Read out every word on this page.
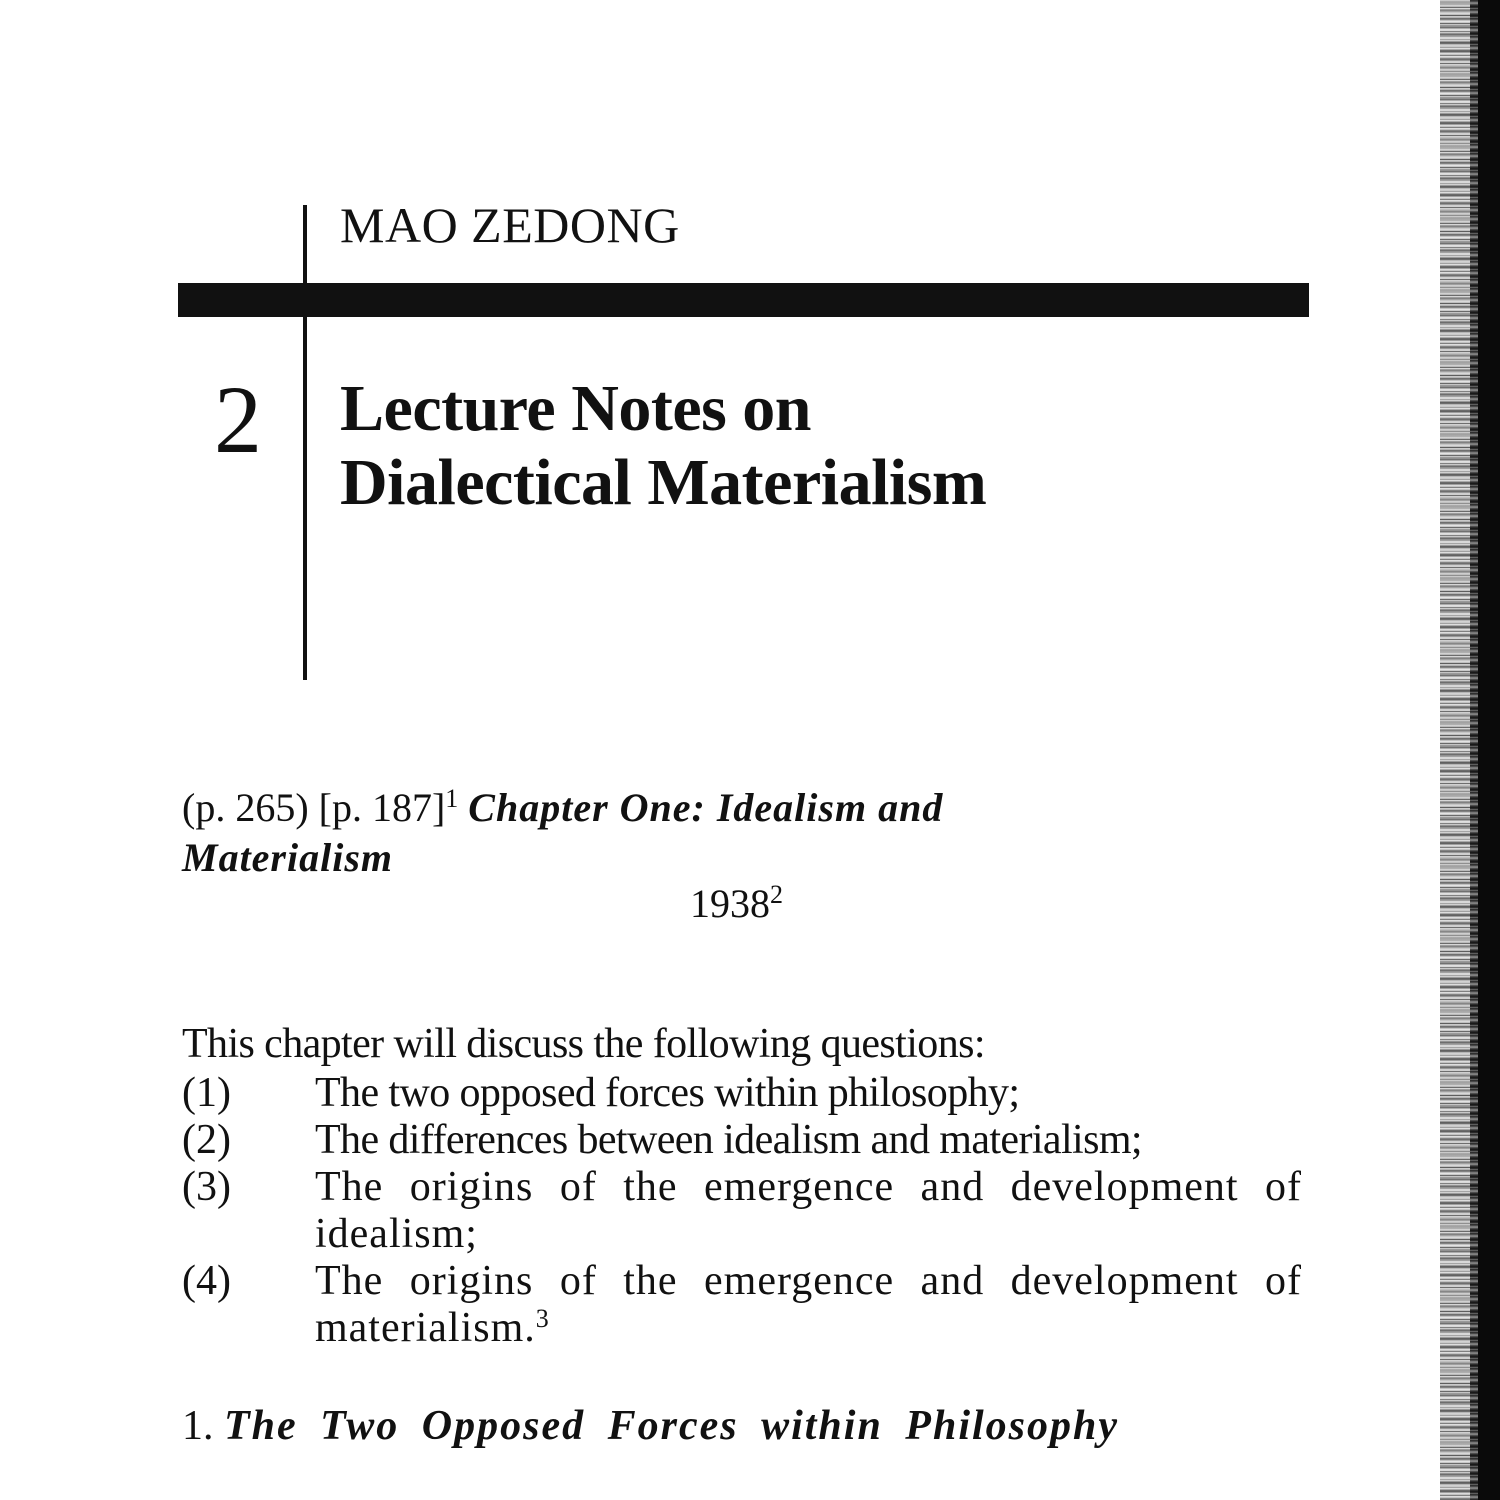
MAO ZEDONG
2 Lecture Notes on
Dialectical Materialism
(p. 265) [p. 187]$^1$ Chapter One: Idealism and
Materialism
1938$^2$
This chapter will discuss the following questions:
(1)	The two opposed forces within philosophy;
(2)	The differences between idealism and materialism;
(3)	The origins of the emergence and development of idealism;
(4)	The origins of the emergence and development of materialism.$^3$
1. The Two Opposed Forces within Philosophy
